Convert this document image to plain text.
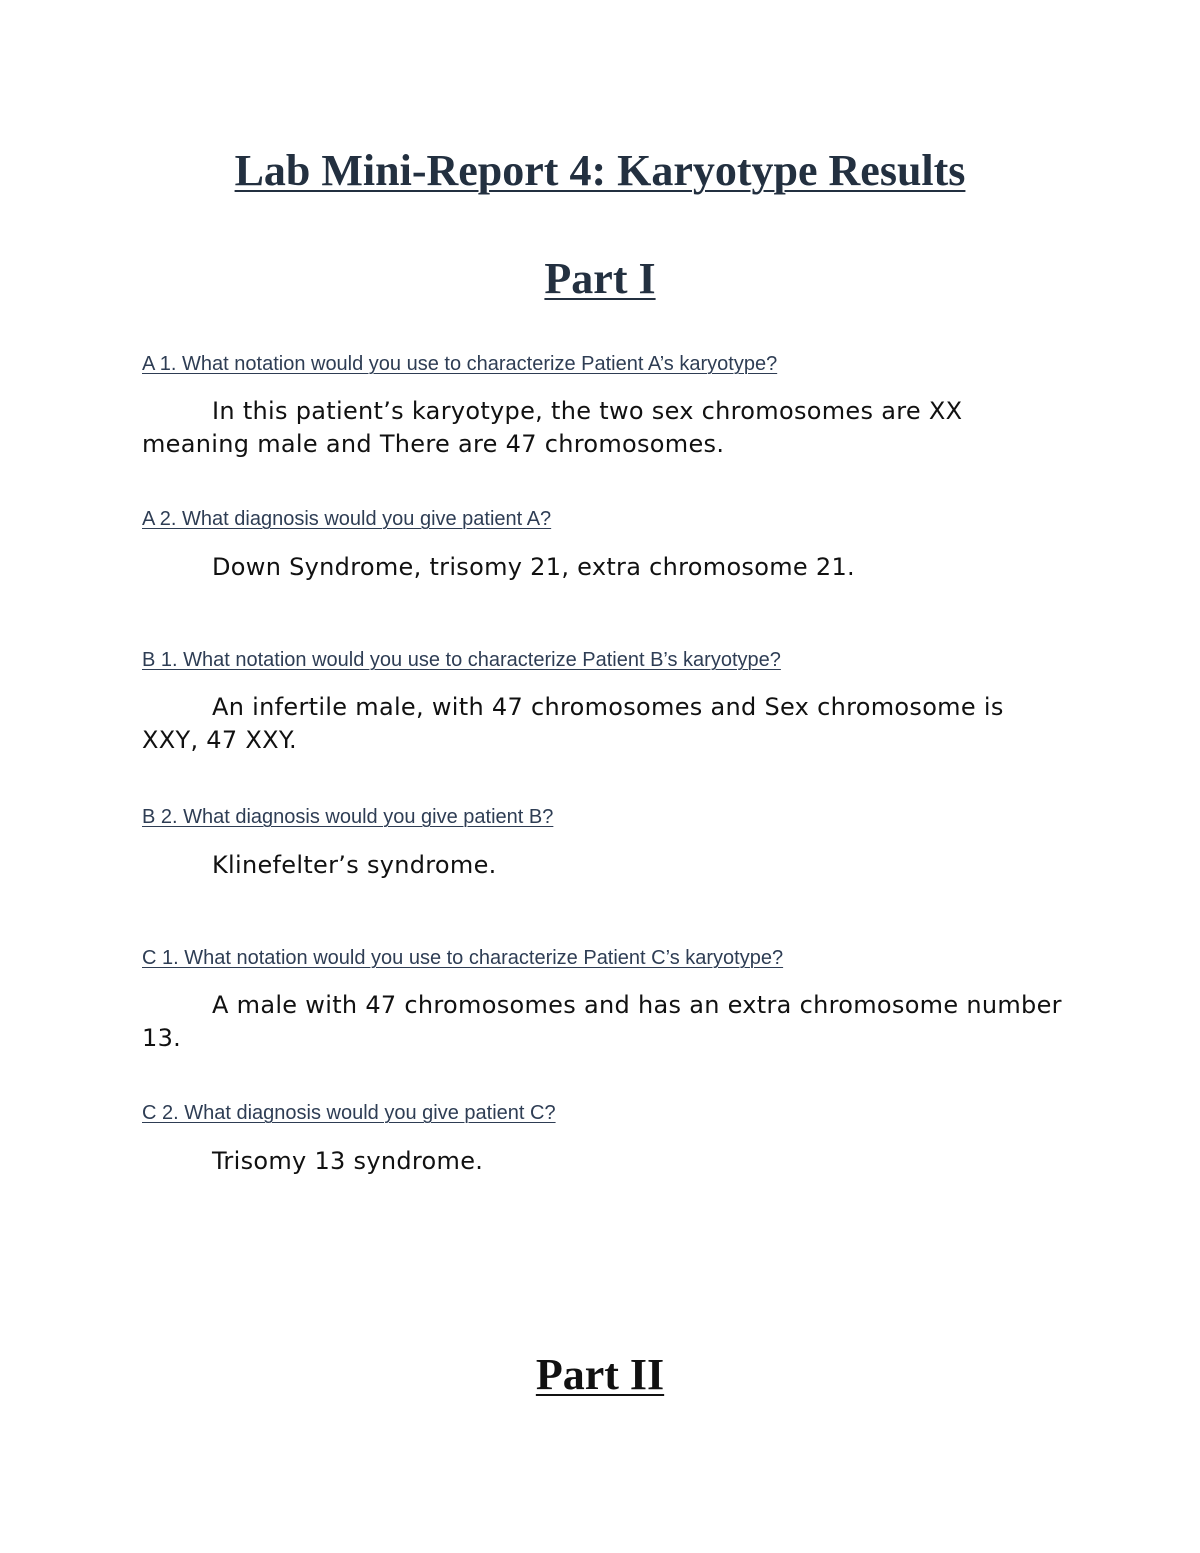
Lab Mini-Report 4: Karyotype Results
Part I

A 1. What notation would you use to characterize Patient A’s karyotype?

In this patient’s karyotype, the two sex chromosomes are XX meaning male and There are 47 chromosomes.

A 2. What diagnosis would you give patient A?

Down Syndrome, trisomy 21, extra chromosome 21.

B 1. What notation would you use to characterize Patient B’s karyotype?

An infertile male, with 47 chromosomes and Sex chromosome is XXY, 47 XXY.

B 2. What diagnosis would you give patient B?

Klinefelter’s syndrome.

C 1. What notation would you use to characterize Patient C’s karyotype?

A male with 47 chromosomes and has an extra chromosome number 13.

C 2. What diagnosis would you give patient C?

Trisomy 13 syndrome.

Part II
